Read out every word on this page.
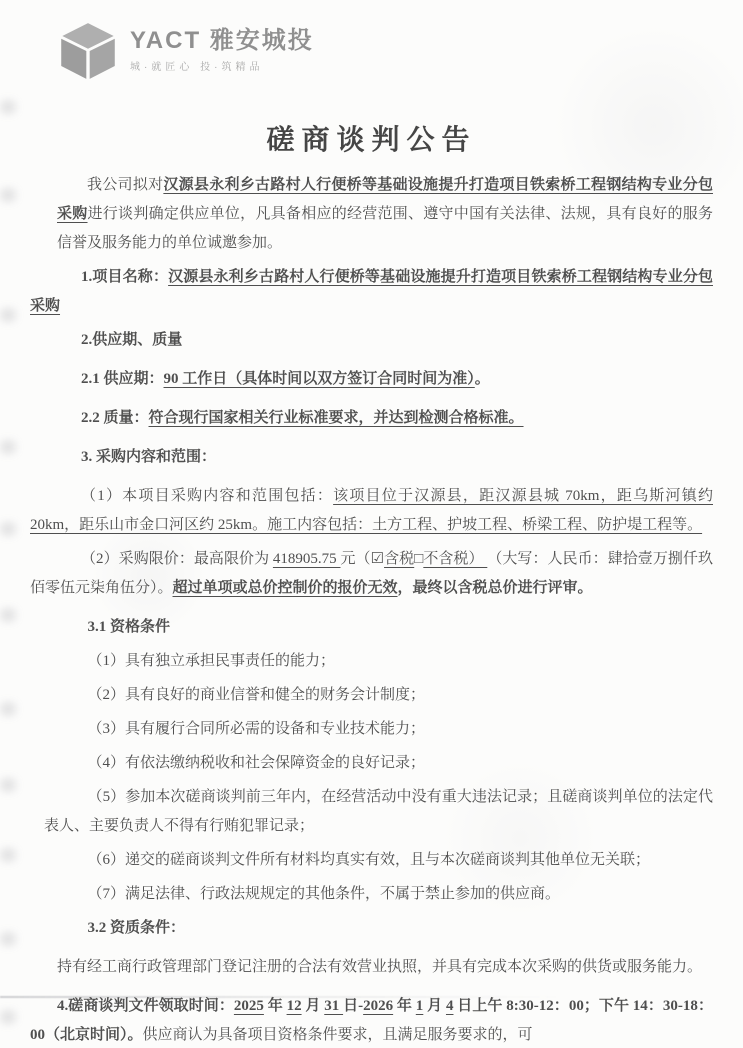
YACT 雅安城投
城·就匠心 投·筑精品
磋商谈判公告

我公司拟对汉源县永利乡古路村人行便桥等基础设施提升打造项目铁索桥工程钢结构专业分包采购进行谈判确定供应单位，凡具备相应的经营范围、遵守中国有关法律、法规，具有良好的服务信誉及服务能力的单位诚邀参加。

1.项目名称：汉源县永利乡古路村人行便桥等基础设施提升打造项目铁索桥工程钢结构专业分包采购

2.供应期、质量

2.1 供应期：90 工作日（具体时间以双方签订合同时间为准）。

2.2 质量：符合现行国家相关行业标准要求，并达到检测合格标准。

3. 采购内容和范围：

（1）本项目采购内容和范围包括：该项目位于汉源县，距汉源县城 70km，距乌斯河镇约 20km，距乐山市金口河区约 25km。施工内容包括：土方工程、护坡工程、桥梁工程、防护堤工程等。

（2）采购限价：最高限价为 418905.75 元（☑含税□不含税） （大写：人民币：肆拾壹万捌仟玖佰零伍元柒角伍分）。超过单项或总价控制价的报价无效，最终以含税总价进行评审。

3.1 资格条件

（1）具有独立承担民事责任的能力；

（2）具有良好的商业信誉和健全的财务会计制度；

（3）具有履行合同所必需的设备和专业技术能力；

（4）有依法缴纳税收和社会保障资金的良好记录；

（5）参加本次磋商谈判前三年内，在经营活动中没有重大违法记录；且磋商谈判单位的法定代表人、主要负责人不得有行贿犯罪记录；

（6）递交的磋商谈判文件所有材料均真实有效，且与本次磋商谈判其他单位无关联；

（7）满足法律、行政法规规定的其他条件，不属于禁止参加的供应商。

3.2 资质条件：

持有经工商行政管理部门登记注册的合法有效营业执照，并具有完成本次采购的供货或服务能力。

4.磋商谈判文件领取时间：2025 年 12 月 31 日-2026 年 1 月 4 日上午 8:30-12：00；下午 14：30-18：00（北京时间）。供应商认为具备项目资格条件要求，且满足服务要求的，可
